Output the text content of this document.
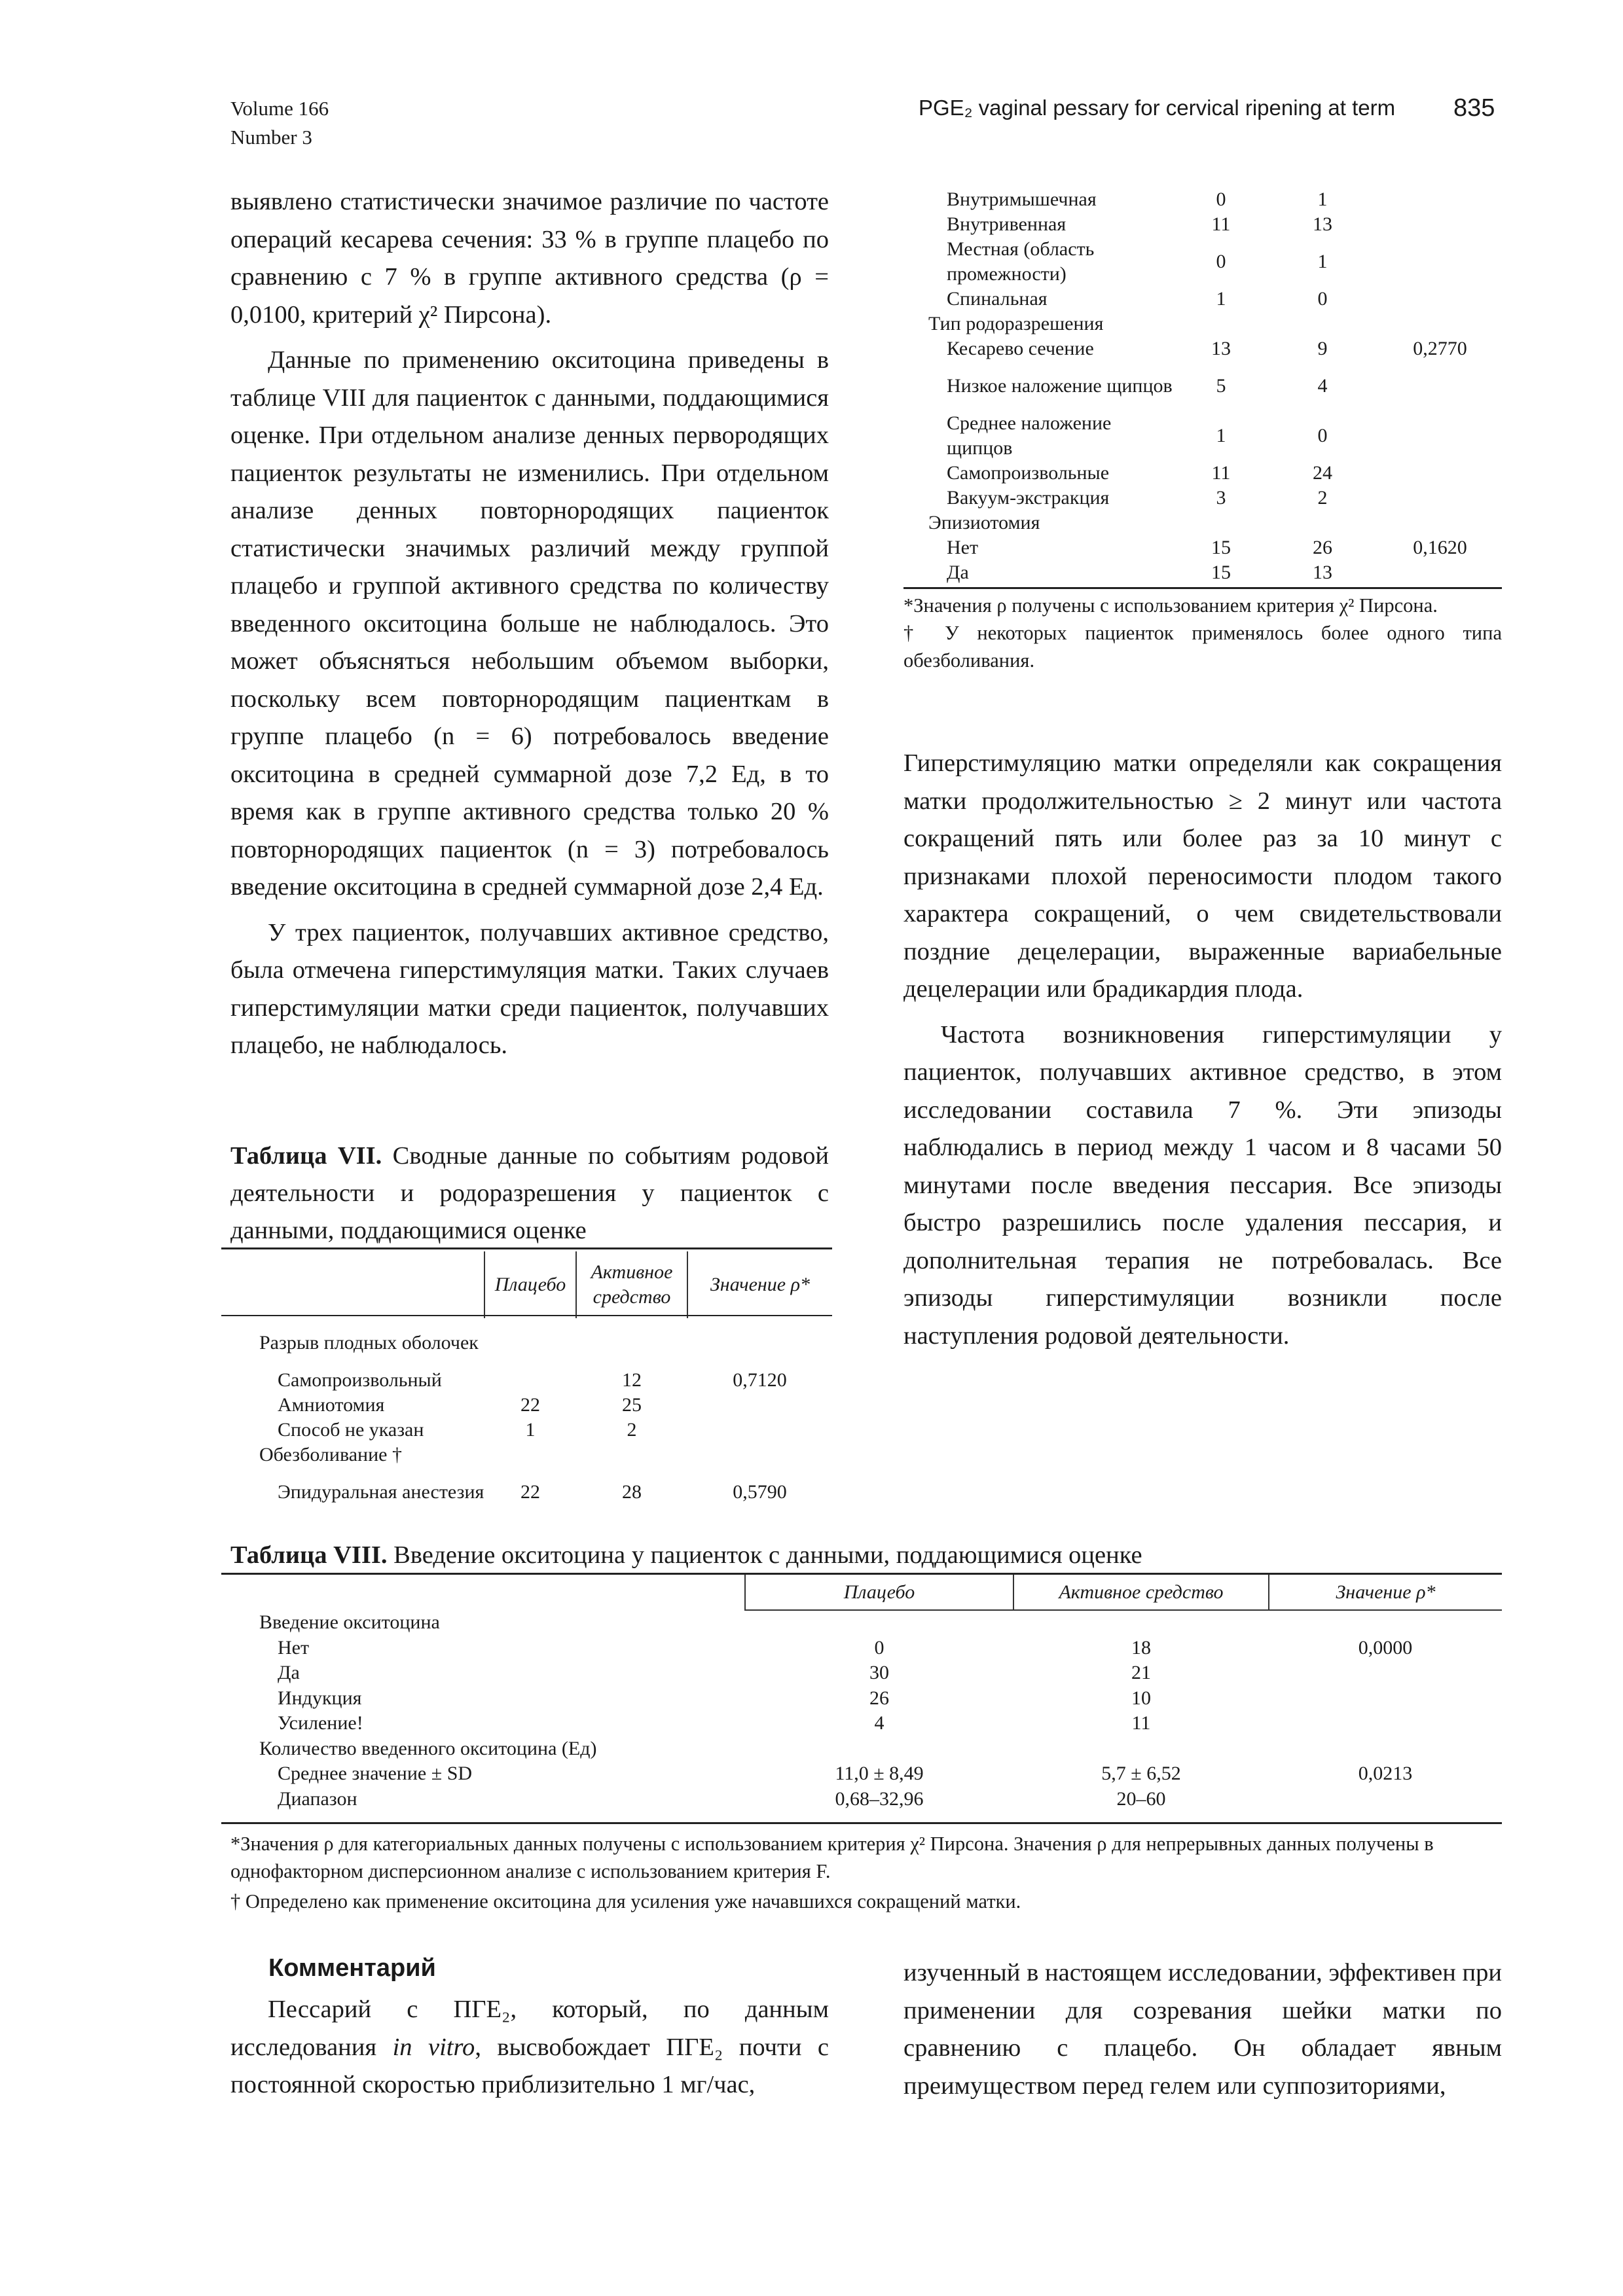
Volume 166
Number 3
PGE₂ vaginal pessary for cervical ripening at term 835

выявлено статистически значимое различие по частоте операций кесарева сечения: 33 % в группе плацебо по сравнению с 7 % в группе активного средства (ρ = 0,0100, критерий χ² Пирсона).

Данные по применению окситоцина приведены в таблице VIII для пациенток с данными, поддающимися оценке. При отдельном анализе денных первородящих пациенток результаты не изменились. При отдельном анализе денных повторнородящих пациенток статистически значимых различий между группой плацебо и группой активного средства по количеству введенного окситоцина больше не наблюдалось. Это может объясняться небольшим объемом выборки, поскольку всем повторнородящим пациенткам в группе плацебо (n = 6) потребовалось введение окситоцина в средней суммарной дозе 7,2 Ед, в то время как в группе активного средства только 20 % повторнородящих пациенток (n = 3) потребовалось введение окситоцина в средней суммарной дозе 2,4 Ед.

У трех пациенток, получавших активное средство, была отмечена гиперстимуляция матки. Таких случаев гиперстимуляции матки среди пациенток, получавших плацебо, не наблюдалось.

Таблица VII. Сводные данные по событиям родовой деятельности и родоразрешения у пациенток с данными, поддающимися оценке
	Плацебо	Активное средство	Значение ρ*
Разрыв плодных оболочек			
Самопроизвольный		12	0,7120
Амниотомия	22	25	
Способ не указан	1	2	
Обезболивание †			
Эпидуральная анестезия	22	28	0,5790
Внутримышечная	0	1	
Внутривенная	11	13	
Местная (область промежности)	0	1	
Спинальная	1	0	
Тип родоразрешения			
Кесарево сечение	13	9	0,2770
Низкое наложение щипцов	5	4	
Среднее наложение щипцов	1	0	
Самопроизвольные	11	24	
Вакуум-экстракция	3	2	
Эпизиотомия			
Нет	15	26	0,1620
Да	15	13	
*Значения ρ получены с использованием критерия χ² Пирсона.
† У некоторых пациенток применялось более одного типа обезболивания.

Гиперстимуляцию матки определяли как сокращения матки продолжительностью ≥ 2 минут или частота сокращений пять или более раз за 10 минут с признаками плохой переносимости плодом такого характера сокращений, о чем свидетельствовали поздние децелерации, выраженные вариабельные децелерации или брадикардия плода.

Частота возникновения гиперстимуляции у пациенток, получавших активное средство, в этом исследовании составила 7 %. Эти эпизоды наблюдались в период между 1 часом и 8 часами 50 минутами после введения пессария. Все эпизоды быстро разрешились после удаления пессария, и дополнительная терапия не потребовалась. Все эпизоды гиперстимуляции возникли после наступления родовой деятельности.

Таблица VIII. Введение окситоцина у пациенток с данными, поддающимися оценке
	Плацебо	Активное средство	Значение ρ*
Введение окситоцина			
Нет	0	18	0,0000
Да	30	21	
Индукция	26	10	
Усиление!	4	11	
Количество введенного окситоцина (Ед)			
Среднее значение ± SD	11,0 ± 8,49	5,7 ± 6,52	0,0213
Диапазон	0,68–32,96	20–60	
*Значения ρ для категориальных данных получены с использованием критерия χ² Пирсона. Значения ρ для непрерывных данных получены в однофакторном дисперсионном анализе с использованием критерия F.
† Определено как применение окситоцина для усиления уже начавшихся сокращений матки.
Комментарий

Пессарий с ПГЕ₂, который, по данным исследования in vitro, высвобождает ПГЕ₂ почти с постоянной скоростью приблизительно 1 мг/час,

изученный в настоящем исследовании, эффективен при применении для созревания шейки матки по сравнению с плацебо. Он обладает явным преимуществом перед гелем или суппозиториями,
